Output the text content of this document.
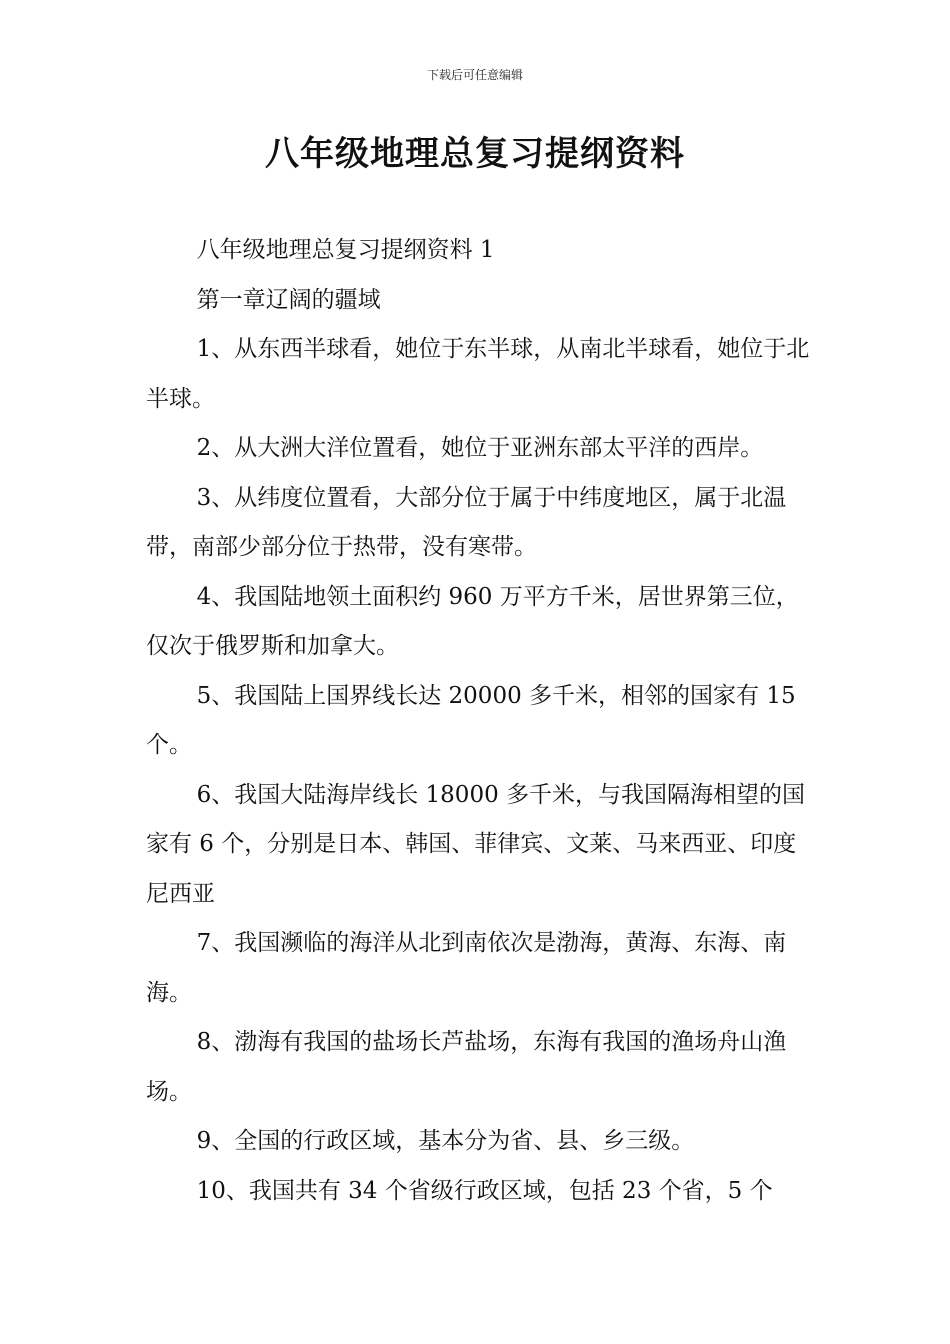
下载后可任意编辑
八年级地理总复习提纲资料

八年级地理总复习提纲资料 1

第一章辽阔的疆域

1、从东西半球看，她位于东半球，从南北半球看，她位于北半球。

2、从大洲大洋位置看，她位于亚洲东部太平洋的西岸。

3、从纬度位置看，大部分位于属于中纬度地区，属于北温带，南部少部分位于热带，没有寒带。

4、我国陆地领土面积约 960 万平方千米，居世界第三位，仅次于俄罗斯和加拿大。

5、我国陆上国界线长达 20000 多千米，相邻的国家有 15 个。

6、我国大陆海岸线长 18000 多千米，与我国隔海相望的国家有 6 个，分别是日本、韩国、菲律宾、文莱、马来西亚、印度尼西亚

7、我国濒临的海洋从北到南依次是渤海，黄海、东海、南海。

8、渤海有我国的盐场长芦盐场，东海有我国的渔场舟山渔场。

9、全国的行政区域，基本分为省、县、乡三级。

10、我国共有 34 个省级行政区域，包括 23 个省，5 个
